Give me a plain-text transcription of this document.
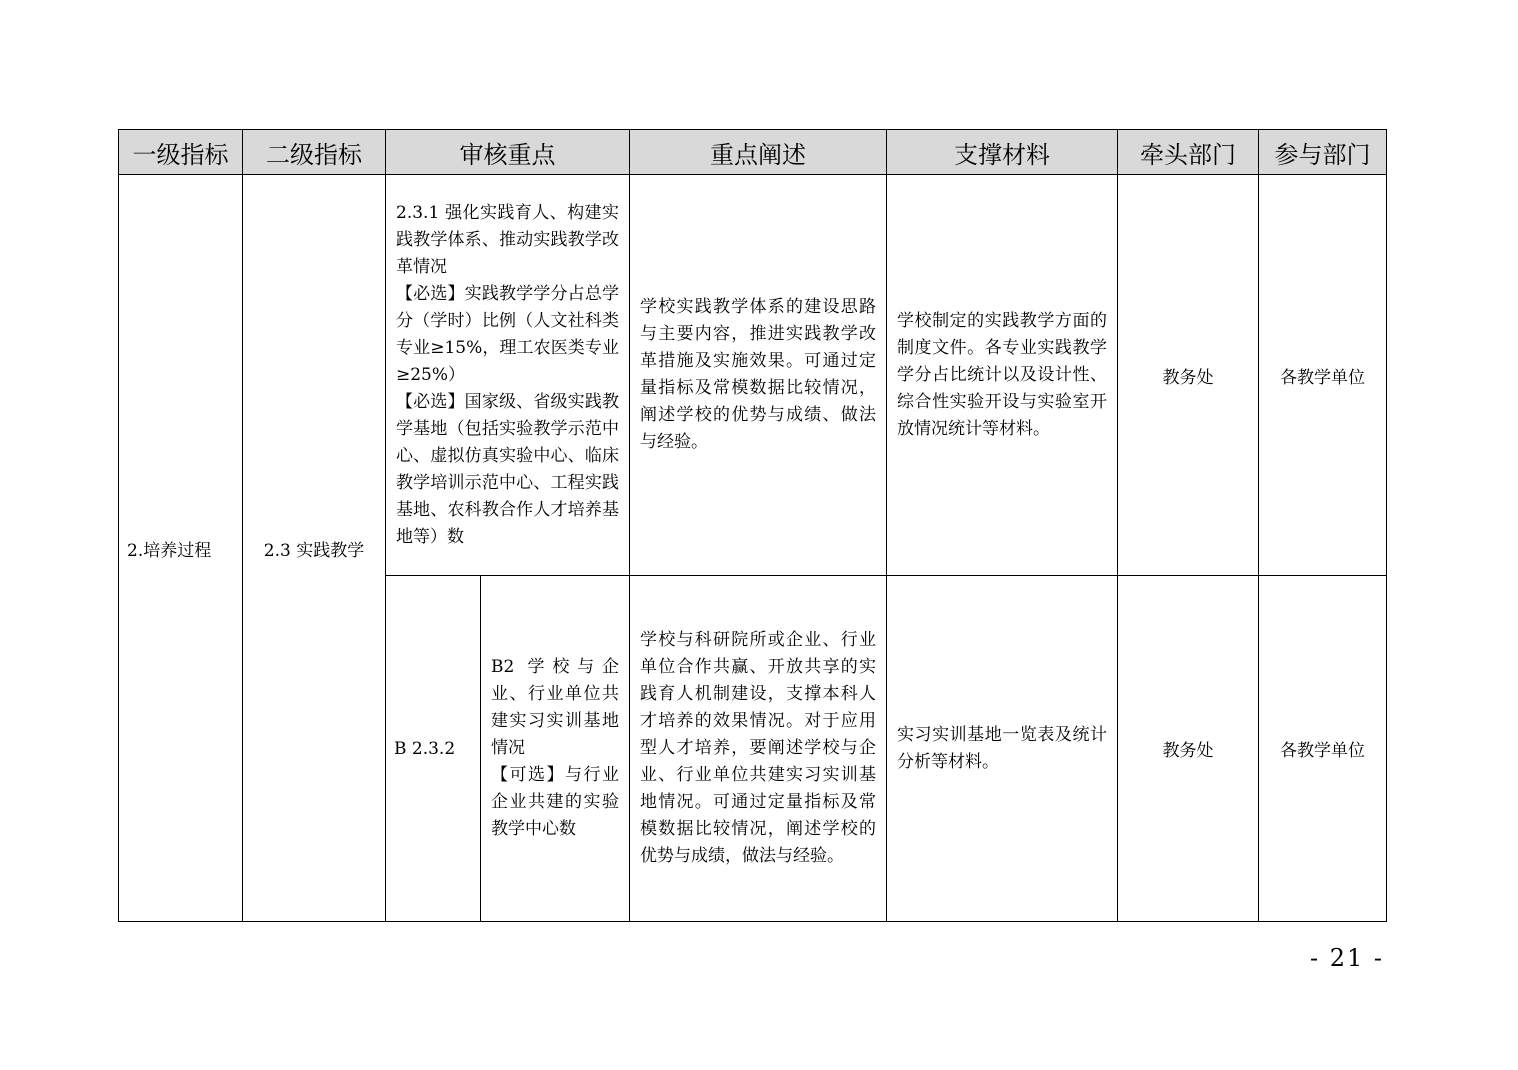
一级指标	二级指标	审核重点		重点阐述	支撑材料	牵头部门	参与部门
2.培养过程	2.3 实践教学	2.3.1 强化实践育人、构建实践教学体系、推动实践教学改革情况
【必选】实践教学学分占总学分（学时）比例（人文社科类专业≥15%，理工农医类专业≥25%）
【必选】国家级、省级实践教学基地（包括实验教学示范中心、虚拟仿真实验中心、临床教学培训示范中心、工程实践基地、农科教合作人才培养基地等）数		学校实践教学体系的建设思路与主要内容，推进实践教学改革措施及实施效果。可通过定量指标及常模数据比较情况，阐述学校的优势与成绩、做法与经验。	学校制定的实践教学方面的制度文件。各专业实践教学学分占比统计以及设计性、综合性实验开设与实验室开放情况统计等材料。	教务处	各教学单位
		B 2.3.2	B2 学校与企业、行业单位共建实习实训基地情况
【可选】与行业企业共建的实验教学中心数	学校与科研院所或企业、行业单位合作共赢、开放共享的实践育人机制建设，支撑本科人才培养的效果情况。对于应用型人才培养，要阐述学校与企业、行业单位共建实习实训基地情况。可通过定量指标及常模数据比较情况，阐述学校的优势与成绩，做法与经验。	实习实训基地一览表及统计分析等材料。	教务处	各教学单位
- 21 -
